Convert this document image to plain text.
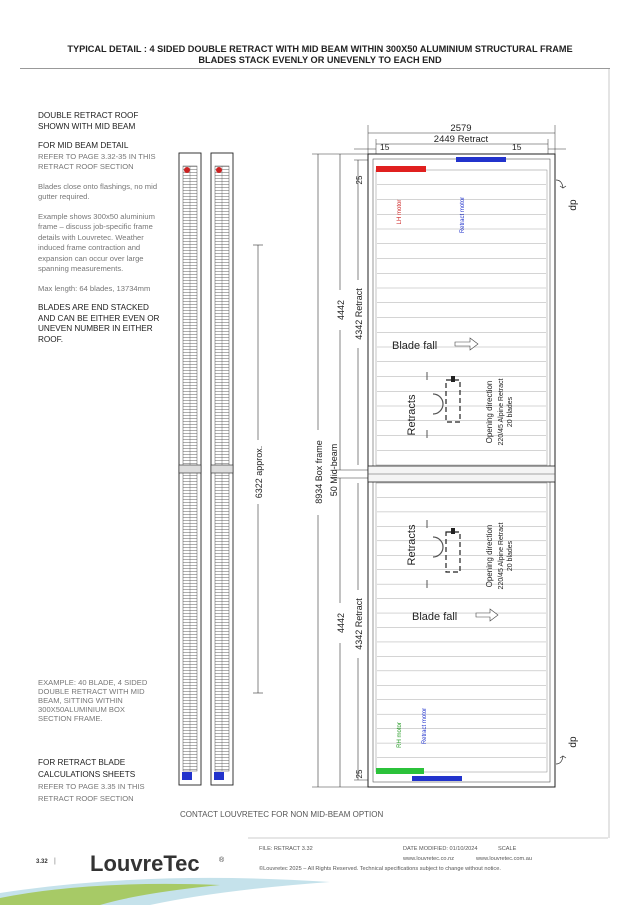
TYPICAL DETAIL : 4 SIDED DOUBLE RETRACT WITH MID BEAM WITHIN 300X50 ALUMINIUM STRUCTURAL FRAME
BLADES STACK EVENLY OR UNEVENLY TO EACH END
DOUBLE RETRACT ROOF SHOWN WITH MID BEAM
FOR MID BEAM DETAIL
REFER TO PAGE 3.32-35 IN THIS RETRACT ROOF SECTION
Blades close onto flashings, no mid gutter required.
Example shows 300x50 aluminium frame – discuss job-specific frame details with Louvretec. Weather induced frame contraction and expansion can occur over large spanning measurements.
Max length: 64 blades, 13734mm
BLADES ARE END STACKED AND CAN BE EITHER EVEN OR UNEVEN NUMBER IN EITHER ROOF.
EXAMPLE: 40 BLADE, 4 SIDED DOUBLE RETRACT WITH MID BEAM, SITTING WITHIN 300X50ALUMINIUM BOX SECTION FRAME.
FOR RETRACT BLADE CALCULATIONS SHEETS
REFER TO PAGE 3.35 IN THIS RETRACT ROOF SECTION
CONTACT LOUVRETEC FOR NON MID-BEAM OPTION
6322 approx.	8934 Box frame 50 Mid-beam
4442
4442
4342 Retract
4342 Retract
25
25
2579
2449 Retract
15	15
LH motor	Retract motor
RH motor	Retract motor
Blade fall
Blade fall
Retracts
Retracts
Opening direction 220/45 Alpine Retract 20 blades
Opening direction 220/45 Alpine Retract 20 blades
dp
dp
LouvreTec	®
FILE: RETRACT 3.32	DATE MODIFIED: 01/10/2024	SCALE
www.louvretec.co.nz	www.louvretec.com.au
©Louvretec 2025 – All Rights Reserved. Technical specifications subject to change without notice.
3.32 |
